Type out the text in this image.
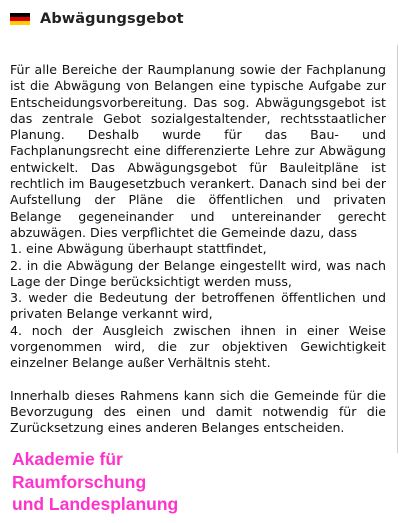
Abwägungsgebot

Für alle Bereiche der Raumplanung sowie der Fachplanung ist die Abwägung von Belangen eine typische Aufgabe zur Entscheidungsvorbereitung. Das sog. Abwägungsgebot ist das zentrale Gebot sozialgestaltender, rechtsstaatlicher Planung. Deshalb wurde für das Bau- und Fachplanungsrecht eine differenzierte Lehre zur Abwägung entwickelt. Das Abwägungsgebot für Bauleitpläne ist rechtlich im Baugesetzbuch verankert. Danach sind bei der Aufstellung der Pläne die öffentlichen und privaten Belange gegeneinander und untereinander gerecht abzuwägen. Dies verpflichtet die Gemeinde dazu, dass

1. eine Abwägung überhaupt stattfindet,

2. in die Abwägung der Belange eingestellt wird, was nach Lage der Dinge berücksichtigt werden muss,

3. weder die Bedeutung der betroffenen öffentlichen und privaten Belange verkannt wird,

4. noch der Ausgleich zwischen ihnen in einer Weise vorgenommen wird, die zur objektiven Gewichtigkeit einzelner Belange außer Verhältnis steht.

Innerhalb dieses Rahmens kann sich die Gemeinde für die Bevorzugung des einen und damit notwendig für die Zurücksetzung eines anderen Belanges entscheiden.

Akademie für
Raumforschung
und Landesplanung
